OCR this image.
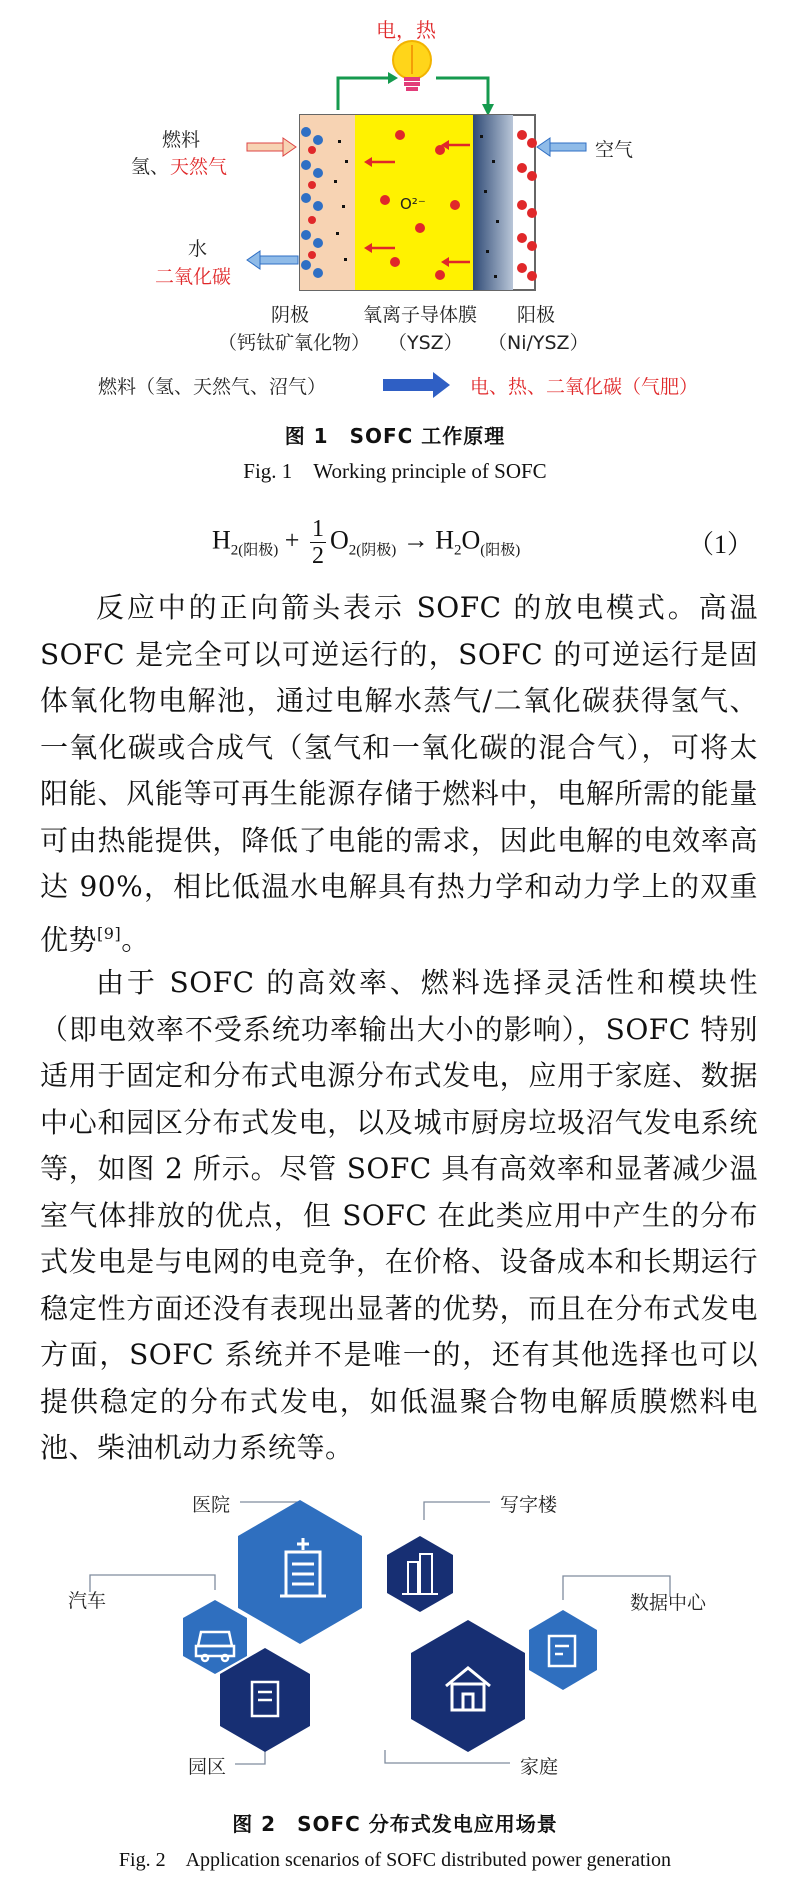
电，热
燃料
氢、 天然气
水
二氧化碳
空气
O²⁻
阴极
（钙钛矿氧化物）
氧离子导体膜
（YSZ）
阳极
（Ni/YSZ）
燃料（氢、天然气、沼气）	电、热、二氧化碳（气肥）
图 1　SOFC 工作原理
Fig. 1　Working principle of SOFC
$H_{2(阳极)} + \frac{1}{2} O_{2(阴极)} \to H_2O_{(阳极)}$	（1）

反应中的正向箭头表示 SOFC 的放电模式。高温 SOFC 是完全可以可逆运行的，SOFC 的可逆运行是固体氧化物电解池，通过电解水蒸气/二氧化碳获得氢气、一氧化碳或合成气（氢气和一氧化碳的混合气），可将太阳能、风能等可再生能源存储于燃料中，电解所需的能量可由热能提供，降低了电能的需求，因此电解的电效率高达 90%，相比低温水电解具有热力学和动力学上的双重优势[9]。

由于 SOFC 的高效率、燃料选择灵活性和模块性（即电效率不受系统功率输出大小的影响），SOFC 特别适用于固定和分布式电源分布式发电，应用于家庭、数据中心和园区分布式发电，以及城市厨房垃圾沼气发电系统等，如图 2 所示。尽管 SOFC 具有高效率和显著减少温室气体排放的优点，但 SOFC 在此类应用中产生的分布式发电是与电网的电竞争，在价格、设备成本和长期运行稳定性方面还没有表现出显著的优势，而且在分布式发电方面，SOFC 系统并不是唯一的，还有其他选择也可以提供稳定的分布式发电，如低温聚合物电解质膜燃料电池、柴油机动力系统等。

医院	写字楼
汽车	数据中心
园区	家庭
图 2　SOFC 分布式发电应用场景
Fig. 2　Application scenarios of SOFC distributed power generation
